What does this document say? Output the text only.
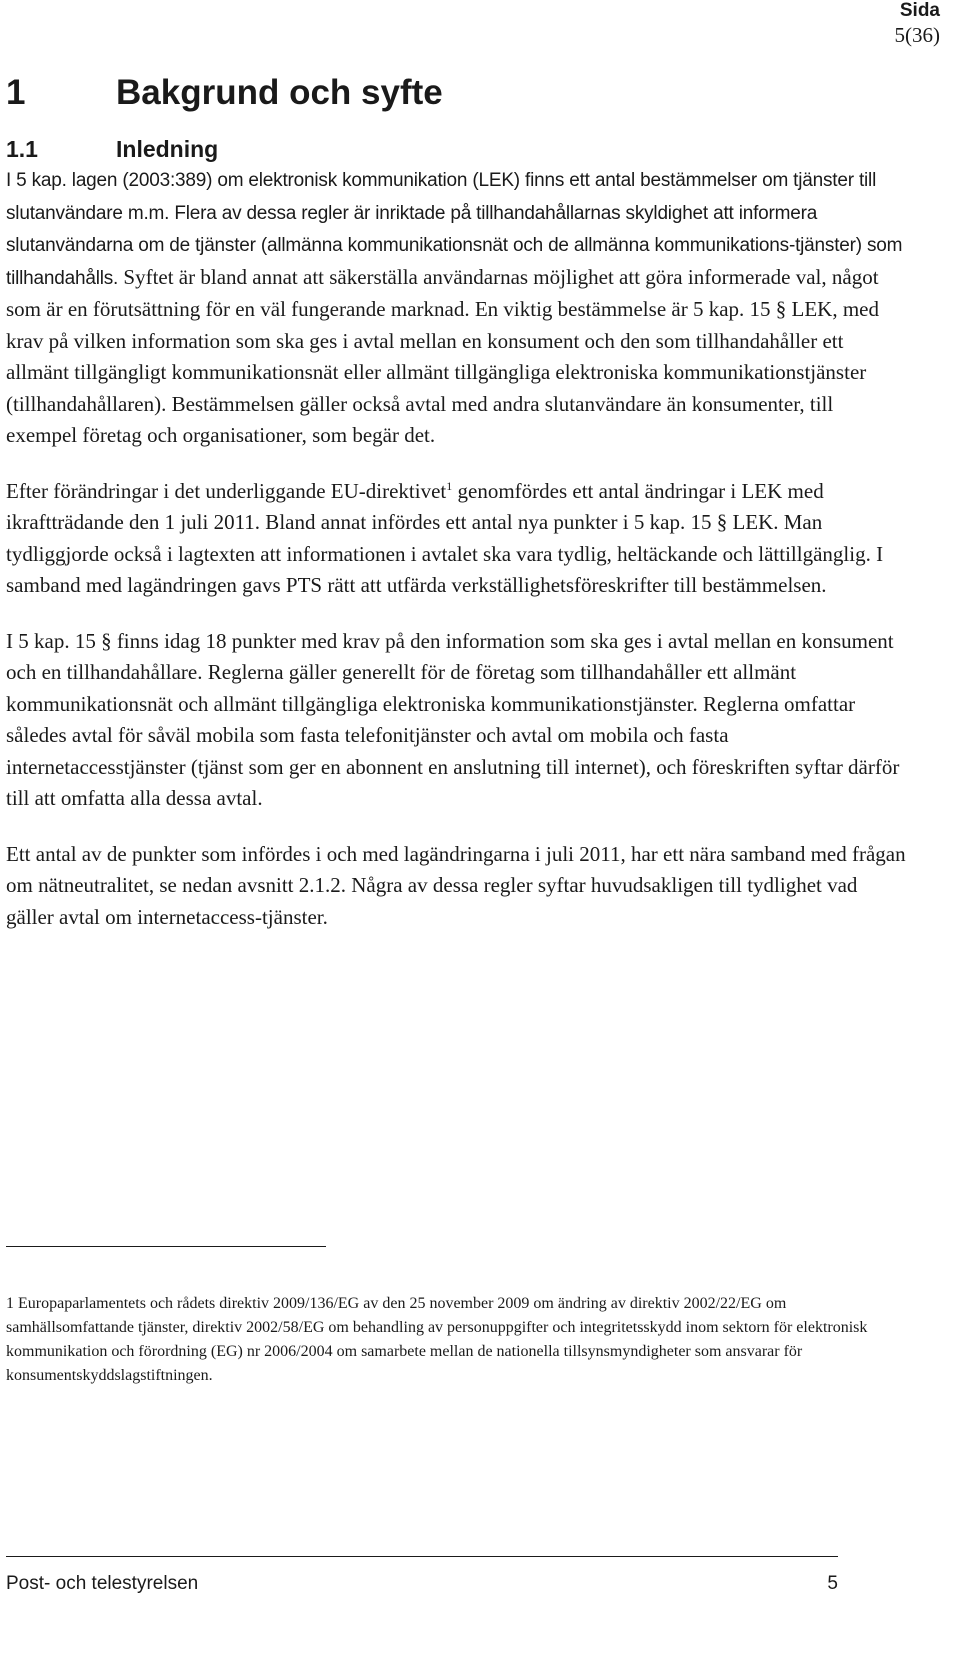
Sida
5(36)
1	Bakgrund och syfte
1.1	Inledning

I 5 kap. lagen (2003:389) om elektronisk kommunikation (LEK) finns ett antal bestämmelser om tjänster till slutanvändare m.m. Flera av dessa regler är inriktade på tillhandahållarnas skyldighet att informera slutanvändarna om de tjänster (allmänna kommunikationsnät och de allmänna kommunikations-tjänster) som tillhandahålls. Syftet är bland annat att säkerställa användarnas möjlighet att göra informerade val, något som är en förutsättning för en väl fungerande marknad. En viktig bestämmelse är 5 kap. 15 § LEK, med krav på vilken information som ska ges i avtal mellan en konsument och den som tillhandahåller ett allmänt tillgängligt kommunikationsnät eller allmänt tillgängliga elektroniska kommunikationstjänster (tillhandahållaren). Bestämmelsen gäller också avtal med andra slutanvändare än konsumenter, till exempel företag och organisationer, som begär det.

Efter förändringar i det underliggande EU-direktivet$^1$ genomfördes ett antal ändringar i LEK med ikraftträdande den 1 juli 2011. Bland annat infördes ett antal nya punkter i 5 kap. 15 § LEK. Man tydliggjorde också i lagtexten att informationen i avtalet ska vara tydlig, heltäckande och lättillgänglig. I samband med lagändringen gavs PTS rätt att utfärda verkställighetsföreskrifter till bestämmelsen.

I 5 kap. 15 § finns idag 18 punkter med krav på den information som ska ges i avtal mellan en konsument och en tillhandahållare. Reglerna gäller generellt för de företag som tillhandahåller ett allmänt kommunikationsnät och allmänt tillgängliga elektroniska kommunikationstjänster. Reglerna omfattar således avtal för såväl mobila som fasta telefonitjänster och avtal om mobila och fasta internetaccesstjänster (tjänst som ger en abonnent en anslutning till internet), och föreskriften syftar därför till att omfatta alla dessa avtal.

Ett antal av de punkter som infördes i och med lagändringarna i juli 2011, har ett nära samband med frågan om nätneutralitet, se nedan avsnitt 2.1.2. Några av dessa regler syftar huvudsakligen till tydlighet vad gäller avtal om internetaccess-tjänster.

1 Europaparlamentets och rådets direktiv 2009/136/EG av den 25 november 2009 om ändring av direktiv 2002/22/EG om samhällsomfattande tjänster, direktiv 2002/58/EG om behandling av personuppgifter och integritetsskydd inom sektorn för elektronisk kommunikation och förordning (EG) nr 2006/2004 om samarbete mellan de nationella tillsynsmyndigheter som ansvarar för konsumentskyddslagstiftningen.
Post- och telestyrelsen	5
